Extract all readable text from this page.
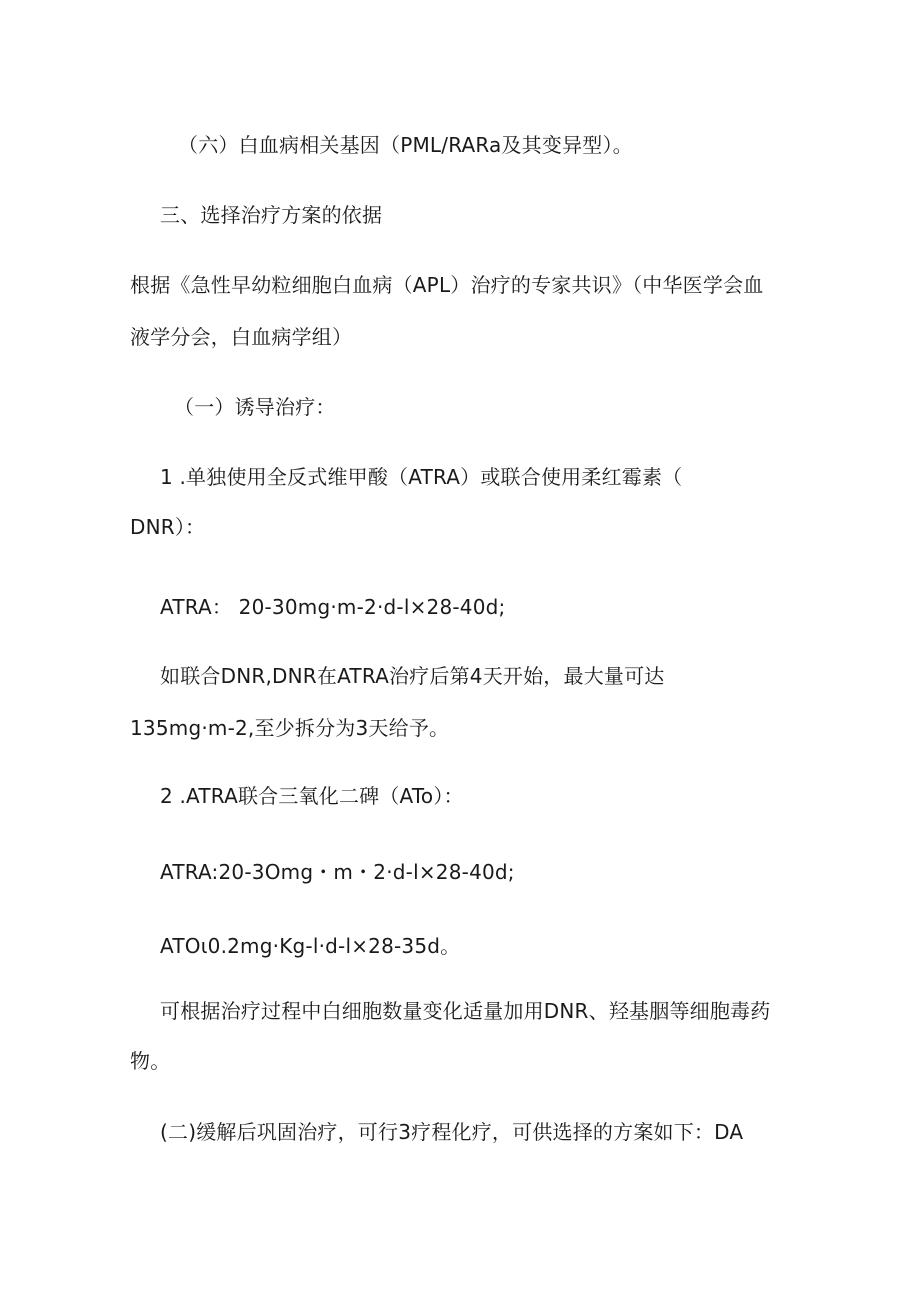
（六）白血病相关基因（PML/RARa及其变异型）。
三、选择治疗方案的依据
根据《急性早幼粒细胞白血病（APL）治疗的专家共识》（中华医学会血
液学分会，白血病学组）
（一）诱导治疗：
1 .单独使用全反式维甲酸（ATRA）或联合使用柔红霉素（
DNR）：
ATRA： 20-30mg·m-2·d-l×28-40d;
如联合DNR,DNR在ATRA治疗后第4天开始，最大量可达
135mg·m-2,至少拆分为3天给予。
2 .ATRA联合三氧化二碑（ATo）：
ATRA:20-3Omg・m・2·d-l×28-40d;
ATOι0.2mg·Kg-l·d-l×28-35d。
可根据治疗过程中白细胞数量变化适量加用DNR、羟基胭等细胞毒药
物。
(二)缓解后巩固治疗，可行3疗程化疗，可供选择的方案如下：DA
